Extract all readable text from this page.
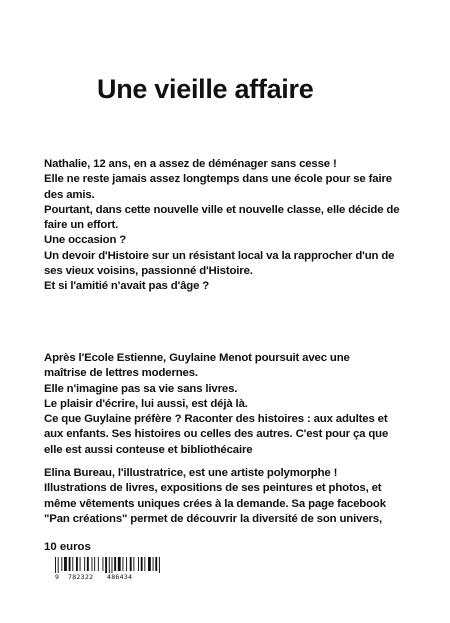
Une vieille affaire
Nathalie, 12 ans, en a assez de déménager sans cesse !
Elle ne reste jamais assez longtemps dans une école pour se faire
des amis.
Pourtant, dans cette nouvelle ville et nouvelle classe, elle décide de
faire un effort.
Une occasion ?
Un devoir d'Histoire sur un résistant local va la rapprocher d'un de
ses vieux voisins, passionné d'Histoire.
Et si l'amitié n'avait pas d'âge ?
Après l'Ecole Estienne, Guylaine Menot poursuit avec une
maîtrise de lettres modernes.
Elle n'imagine pas sa vie sans livres.
Le plaisir d'écrire, lui aussi, est déjà là.
Ce que Guylaine préfère ? Raconter des histoires : aux adultes et
aux enfants. Ses histoires ou celles des autres. C'est pour ça que
elle est aussi conteuse et bibliothécaire
Elina Bureau, l'illustratrice, est une artiste polymorphe !
Illustrations de livres, expositions de ses peintures et photos, et
même vêtements uniques crées à la demande. Sa page facebook
"Pan créations" permet de découvrir la diversité de son univers,
10 euros
9 782322 486434
